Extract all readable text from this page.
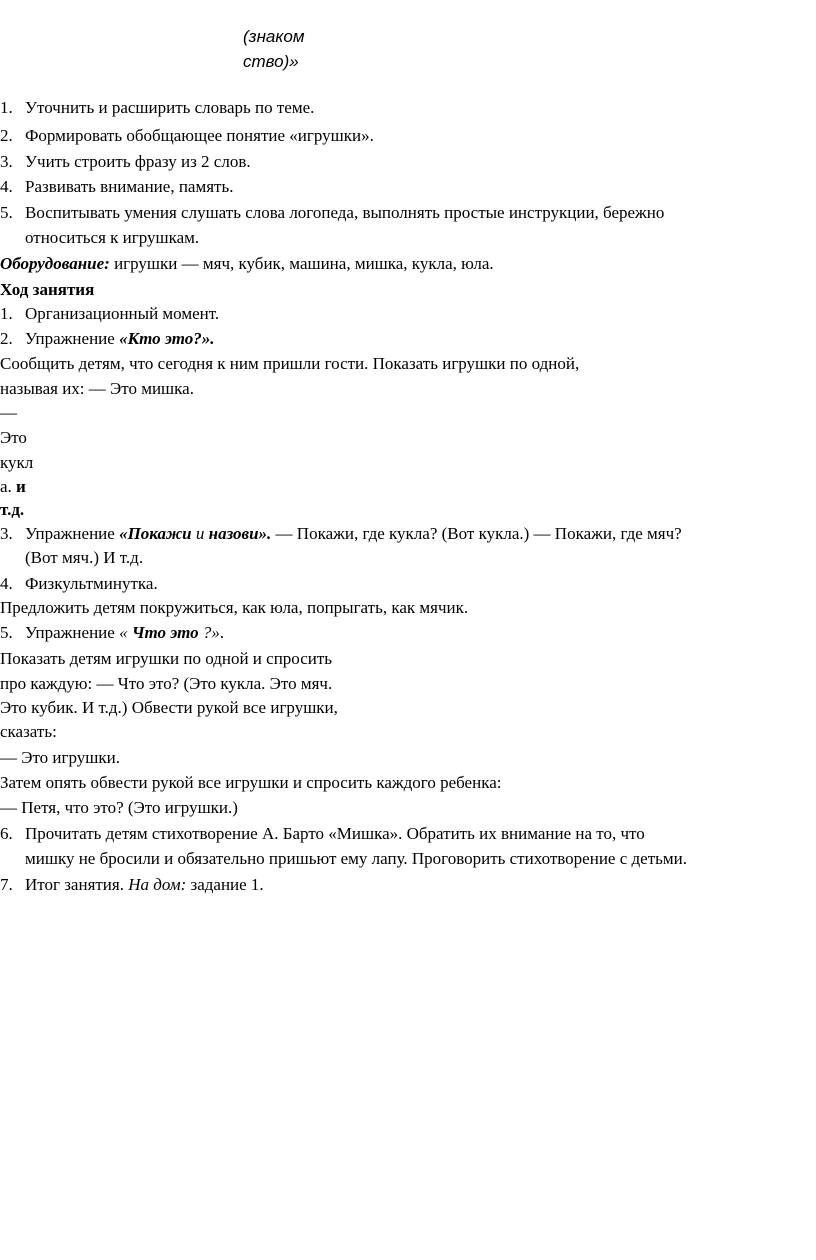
(знаком
ство)»
1. Уточнить и расширить словарь по теме.
2. Формировать обобщающее понятие «игрушки».
3. Учить строить фразу из 2 слов.
4. Развивать внимание, память.
5. Воспитывать умения слушать слова логопеда, выполнять простые инструкции, бережно
относиться к игрушкам.
Оборудование: игрушки — мяч, кубик, машина, мишка, кукла, юла.
Ход занятия
1. Организационный момент.
2. Упражнение «Кто это?».
Сообщить детям, что сегодня к ним пришли гости. Показать игрушки по одной,
называя их: — Это мишка.
—
Это
кукл
а. и
т.д.
3. Упражнение «Покажи и назови». — Покажи, где кукла? (Вот кукла.) — Покажи, где мяч?
(Вот мяч.) И т.д.
4. Физкультминутка.
Предложить детям покружиться, как юла, попрыгать, как мячик.
5. Упражнение « Что это ?».
Показать детям игрушки по одной и спросить
про каждую: — Что это? (Это кукла. Это мяч.
Это кубик. И т.д.) Обвести рукой все игрушки,
сказать:
— Это игрушки.
Затем опять обвести рукой все игрушки и спросить каждого ребенка:
— Петя, что это? (Это игрушки.)
6. Прочитать детям стихотворение А. Барто «Мишка». Обратить их внимание на то, что
мишку не бросили и обязательно пришьют ему лапу. Проговорить стихотворение с детьми.
7. Итог занятия. На дом: задание 1.
